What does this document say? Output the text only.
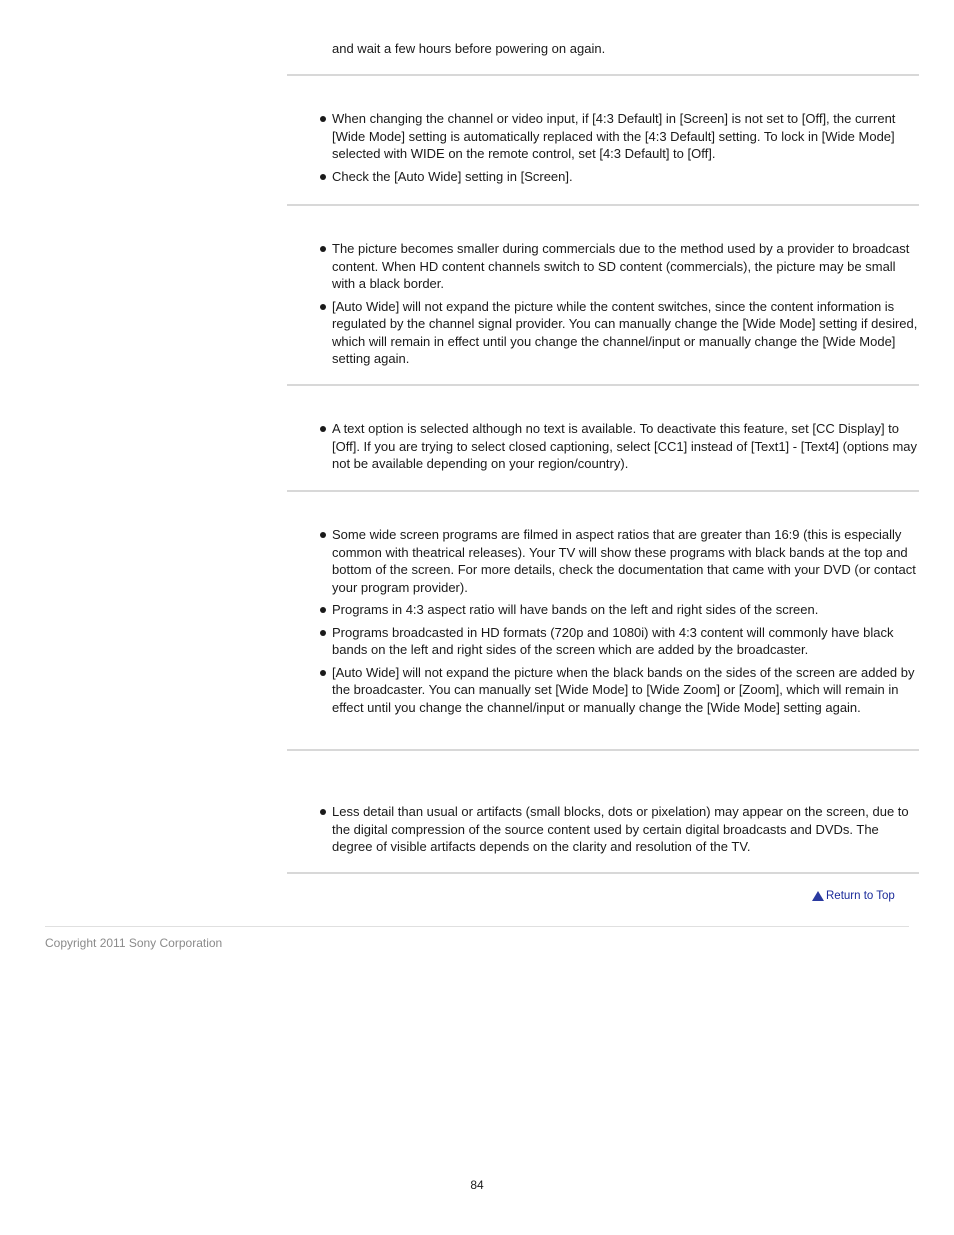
and wait a few hours before powering on again.

When changing the channel or video input, if [4:3 Default] in [Screen] is not set to [Off], the current [Wide Mode] setting is automatically replaced with the [4:3 Default] setting. To lock in [Wide Mode] selected with WIDE on the remote control, set [4:3 Default] to [Off].
Check the [Auto Wide] setting in [Screen].
The picture becomes smaller during commercials due to the method used by a provider to broadcast content. When HD content channels switch to SD content (commercials), the picture may be small with a black border.
[Auto Wide] will not expand the picture while the content switches, since the content information is regulated by the channel signal provider. You can manually change the [Wide Mode] setting if desired, which will remain in effect until you change the channel/input or manually change the [Wide Mode] setting again.
A text option is selected although no text is available. To deactivate this feature, set [CC Display] to [Off]. If you are trying to select closed captioning, select [CC1] instead of [Text1] - [Text4] (options may not be available depending on your region/country).
Some wide screen programs are filmed in aspect ratios that are greater than 16:9 (this is especially common with theatrical releases). Your TV will show these programs with black bands at the top and bottom of the screen. For more details, check the documentation that came with your DVD (or contact your program provider).
Programs in 4:3 aspect ratio will have bands on the left and right sides of the screen.
Programs broadcasted in HD formats (720p and 1080i) with 4:3 content will commonly have black bands on the left and right sides of the screen which are added by the broadcaster.
[Auto Wide] will not expand the picture when the black bands on the sides of the screen are added by the broadcaster. You can manually set [Wide Mode] to [Wide Zoom] or [Zoom], which will remain in effect until you change the channel/input or manually change the [Wide Mode] setting again.
Less detail than usual or artifacts (small blocks, dots or pixelation) may appear on the screen, due to the digital compression of the source content used by certain digital broadcasts and DVDs. The degree of visible artifacts depends on the clarity and resolution of the TV.
Return to Top
Copyright 2011 Sony Corporation
84
